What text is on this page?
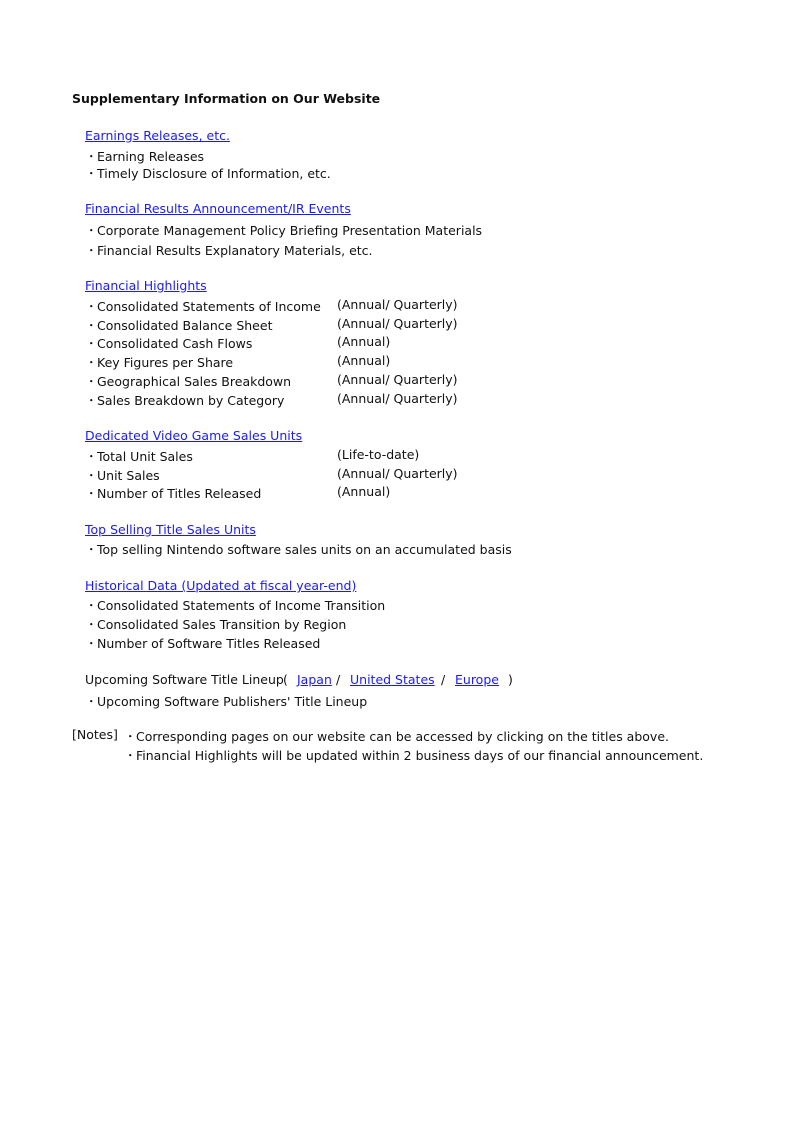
Supplementary Information on Our Website
Earnings Releases, etc.
・Earning Releases
・Timely Disclosure of Information, etc.
Financial Results Announcement/IR Events
・Corporate Management Policy Briefing Presentation Materials
・Financial Results Explanatory Materials, etc.
Financial Highlights
・Consolidated Statements of Income (Annual/ Quarterly)
・Consolidated Balance Sheet	(Annual/ Quarterly)
・Consolidated Cash Flows	(Annual)
・Key Figures per Share	(Annual)
・Geographical Sales Breakdown	(Annual/ Quarterly)
・Sales Breakdown by Category	(Annual/ Quarterly)
Dedicated Video Game Sales Units
・Total Unit Sales	(Life-to-date)
・Unit Sales	(Annual/ Quarterly)
・Number of Titles Released	(Annual)
Top Selling Title Sales Units
・Top selling Nintendo software sales units on an accumulated basis
Historical Data (Updated at fiscal year-end)
・Consolidated Statements of Income Transition
・Consolidated Sales Transition by Region
・Number of Software Titles Released
Upcoming Software Title Lineup ( Japan / United States / Europe )
・Upcoming Software Publishers' Title Lineup
[Notes] ・Corresponding pages on our website can be accessed by clicking on the titles above.
・Financial Highlights will be updated within 2 business days of our financial announcement.
